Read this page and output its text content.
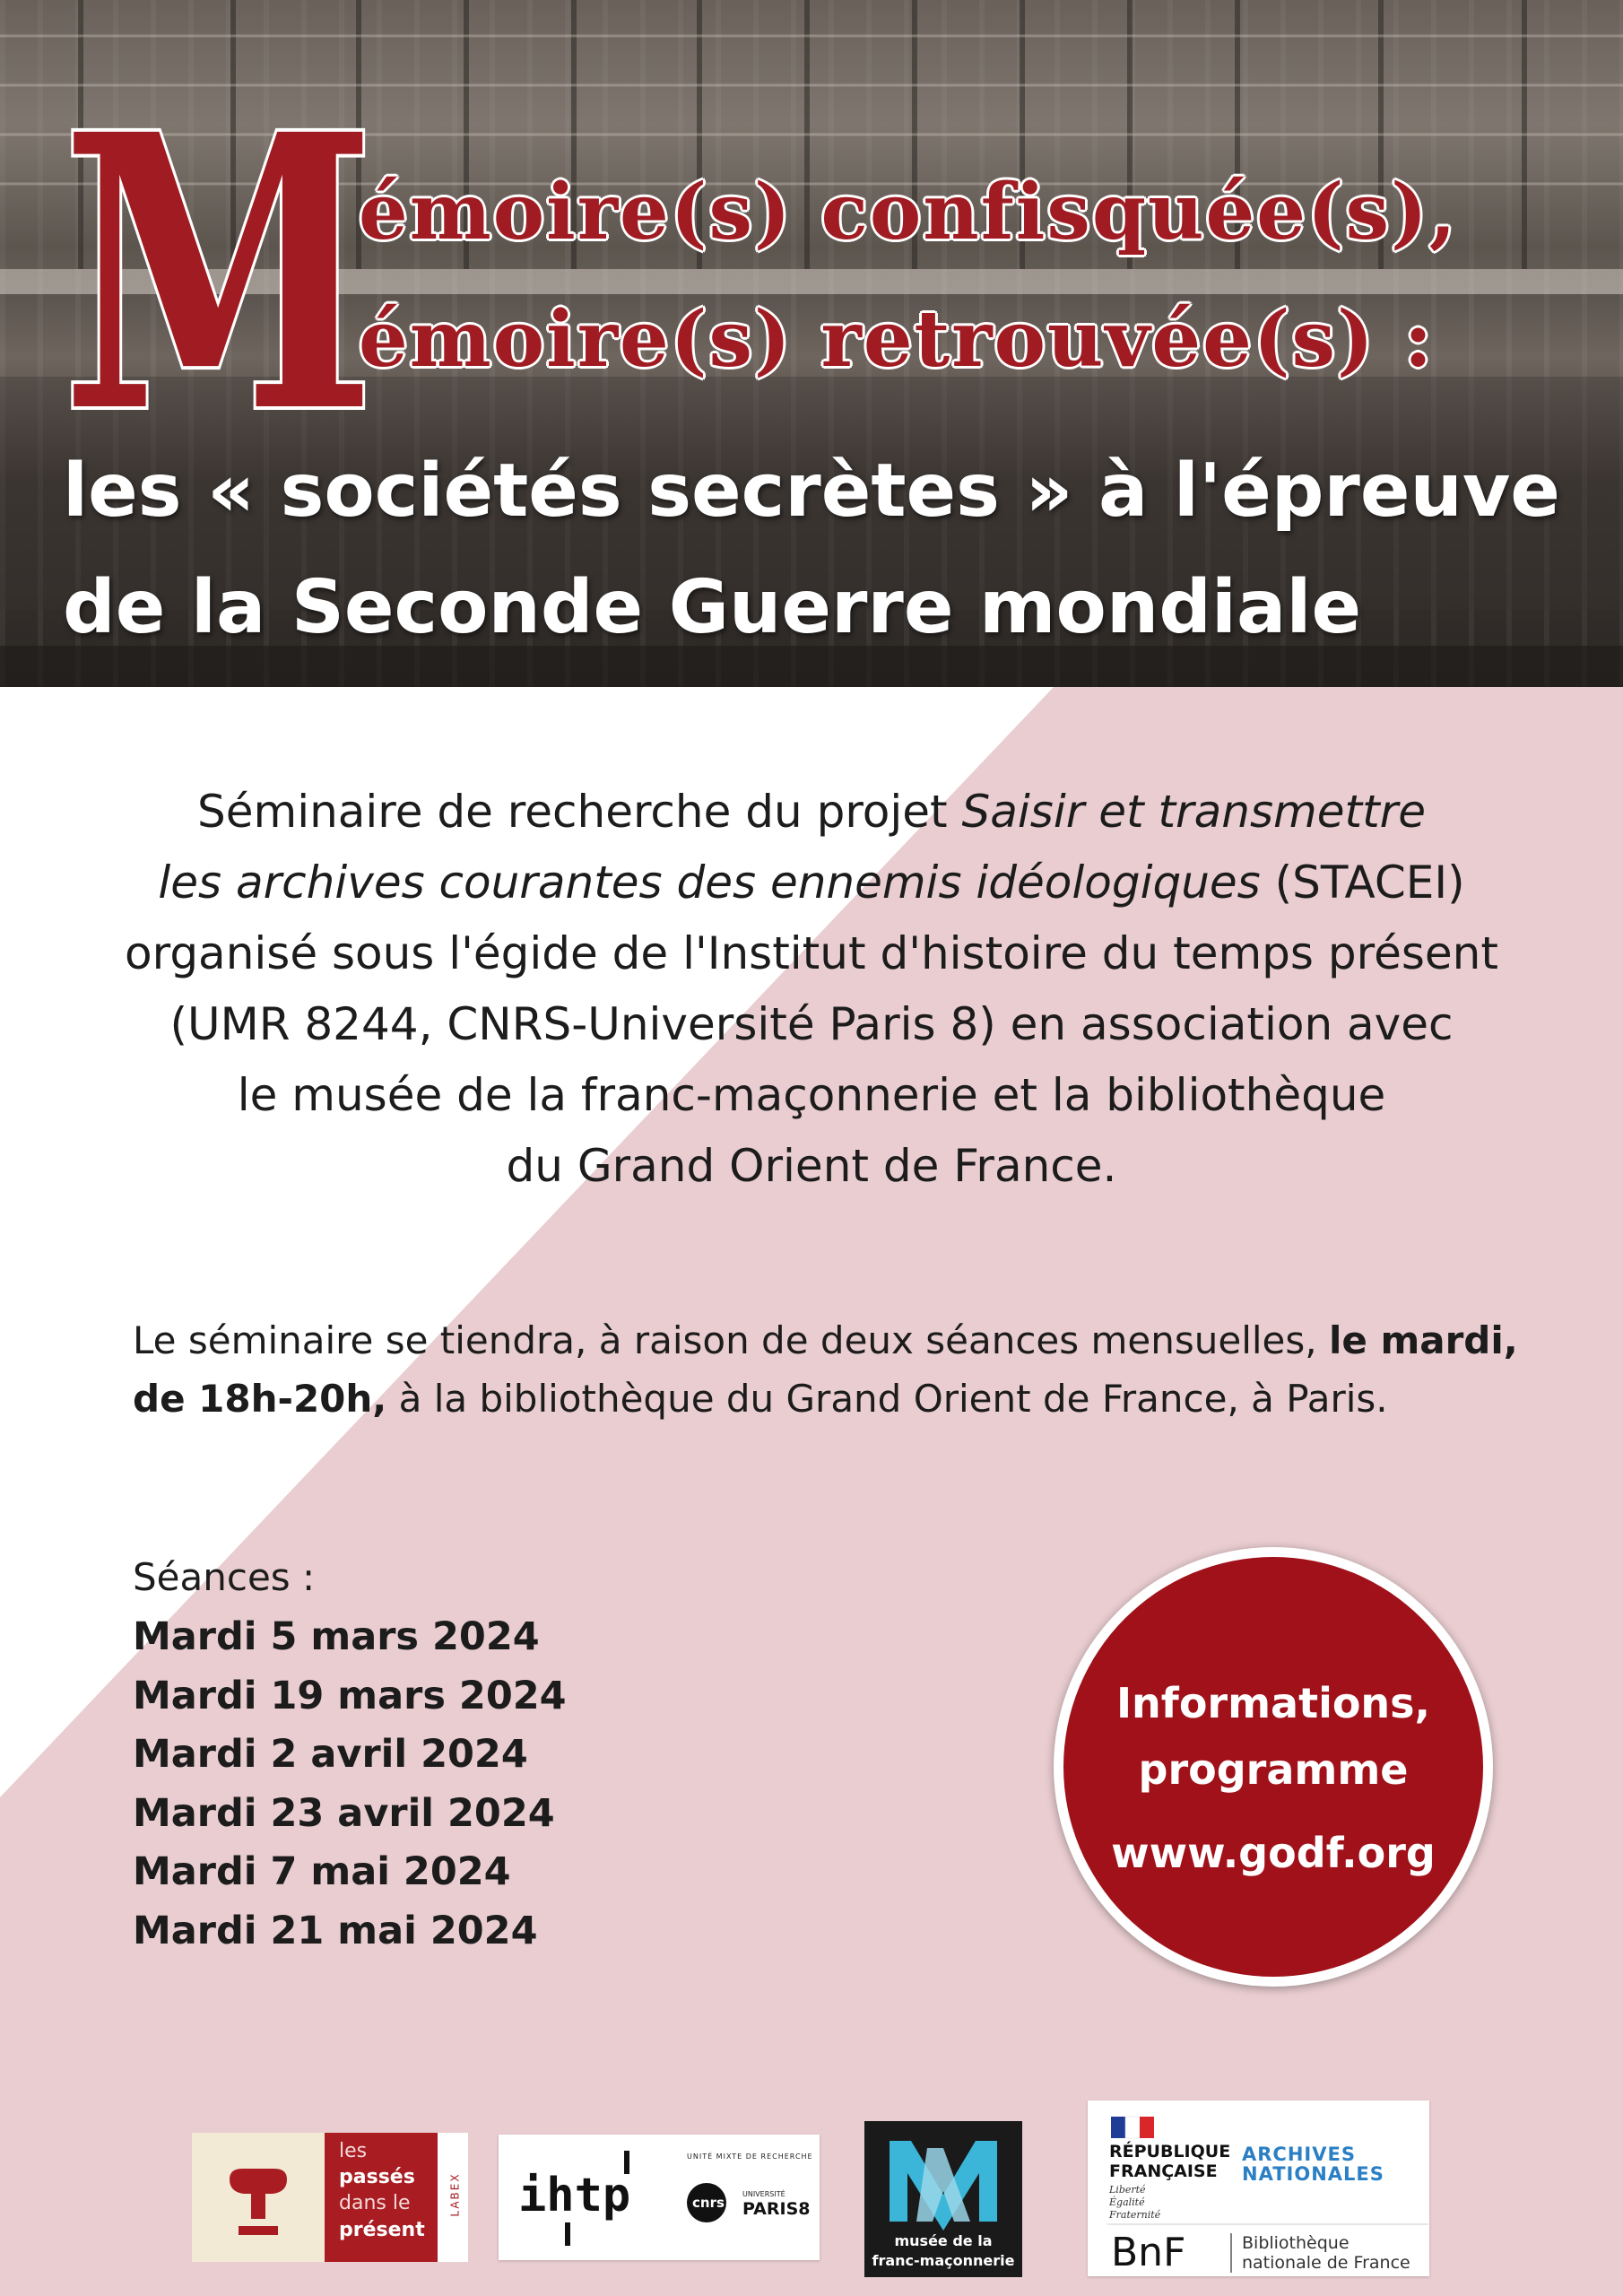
M
émoire(s) confisquée(s),
émoire(s) retrouvée(s) :
les « sociétés secrètes » à l'épreuve
de la Seconde Guerre mondiale

Séminaire de recherche du projet Saisir et transmettre
les archives courantes des ennemis idéologiques (STACEI)
organisé sous l'égide de l'Institut d'histoire du temps présent
(UMR 8244, CNRS-Université Paris 8) en association avec
le musée de la franc-maçonnerie et la bibliothèque
du Grand Orient de France.

Le séminaire se tiendra, à raison de deux séances mensuelles, le mardi,
de 18h-20h, à la bibliothèque du Grand Orient de France, à Paris.

Séances :

Mardi 5 mars 2024
Mardi 19 mars 2024
Mardi 2 avril 2024
Mardi 23 avril 2024
Mardi 7 mai 2024
Mardi 21 mai 2024
Informations,
programme
www.godf.org
les
passés
dans le
présent
LABEX ihtp
UNITÉ MIXTE DE RECHERCHE
cnrs
UNIVERSITÉ
PARIS8
musée de la
franc-maçonnerie
RÉPUBLIQUE
FRANÇAISE
Liberté
Égalité
Fraternité
ARCHIVES
NATIONALES
BnF	Bibliothèque
nationale de France
